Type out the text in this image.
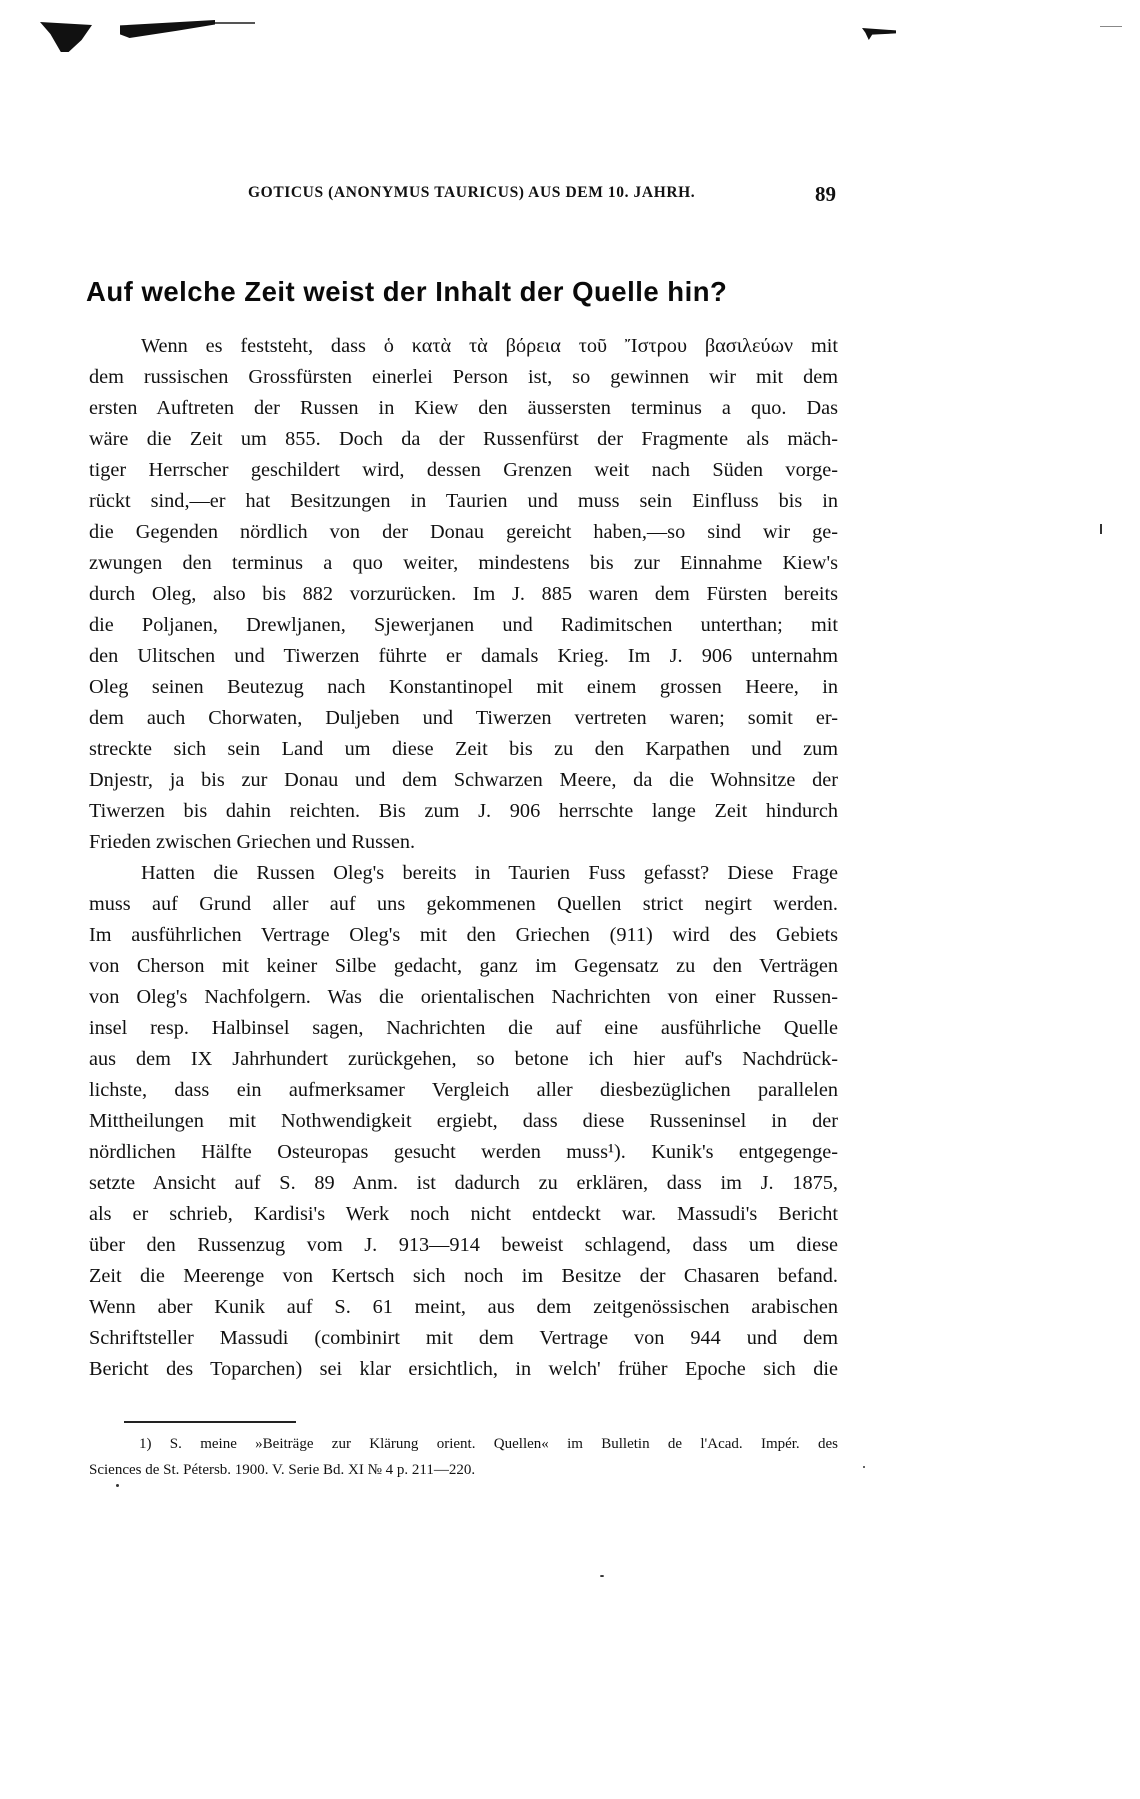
GOTICUS (ANONYMUS TAURICUS) AUS DEM 10. JAHRH.	89
Auf welche Zeit weist der Inhalt der Quelle hin?
Wenn es feststeht, dass ὁ κατὰ τὰ βόρεια τοῦ Ἴστρου βασιλεύων mit
dem russischen Grossfürsten einerlei Person ist, so gewinnen wir mit dem
ersten Auftreten der Russen in Kiew den äussersten terminus a quo. Das
wäre die Zeit um 855. Doch da der Russenfürst der Fragmente als mäch-
tiger Herrscher geschildert wird, dessen Grenzen weit nach Süden vorge-
rückt sind,—er hat Besitzungen in Taurien und muss sein Einfluss bis in
die Gegenden nördlich von der Donau gereicht haben,—so sind wir ge-
zwungen den terminus a quo weiter, mindestens bis zur Einnahme Kiew's
durch Oleg, also bis 882 vorzurücken. Im J. 885 waren dem Fürsten bereits
die Poljanen, Drewljanen, Sjewerjanen und Radimitschen unterthan; mit
den Ulitschen und Tiwerzen führte er damals Krieg. Im J. 906 unternahm
Oleg seinen Beutezug nach Konstantinopel mit einem grossen Heere, in
dem auch Chorwaten, Duljeben und Tiwerzen vertreten waren; somit er-
streckte sich sein Land um diese Zeit bis zu den Karpathen und zum
Dnjestr, ja bis zur Donau und dem Schwarzen Meere, da die Wohnsitze der
Tiwerzen bis dahin reichten. Bis zum J. 906 herrschte lange Zeit hindurch
Frieden zwischen Griechen und Russen.
Hatten die Russen Oleg's bereits in Taurien Fuss gefasst? Diese Frage
muss auf Grund aller auf uns gekommenen Quellen strict negirt werden.
Im ausführlichen Vertrage Oleg's mit den Griechen (911) wird des Gebiets
von Cherson mit keiner Silbe gedacht, ganz im Gegensatz zu den Verträgen
von Oleg's Nachfolgern. Was die orientalischen Nachrichten von einer Russen-
insel resp. Halbinsel sagen, Nachrichten die auf eine ausführliche Quelle
aus dem IX Jahrhundert zurückgehen, so betone ich hier auf's Nachdrück-
lichste, dass ein aufmerksamer Vergleich aller diesbezüglichen parallelen
Mittheilungen mit Nothwendigkeit ergiebt, dass diese Russeninsel in der
nördlichen Hälfte Osteuropas gesucht werden muss¹). Kunik's entgegenge-
setzte Ansicht auf S. 89 Anm. ist dadurch zu erklären, dass im J. 1875,
als er schrieb, Kardisi's Werk noch nicht entdeckt war. Massudi's Bericht
über den Russenzug vom J. 913—914 beweist schlagend, dass um diese
Zeit die Meerenge von Kertsch sich noch im Besitze der Chasaren befand.
Wenn aber Kunik auf S. 61 meint, aus dem zeitgenössischen arabischen
Schriftsteller Massudi (combinirt mit dem Vertrage von 944 und dem
Bericht des Toparchen) sei klar ersichtlich, in welch' früher Epoche sich die
1) S. meine »Beiträge zur Klärung orient. Quellen« im Bulletin de l'Acad. Impér. des
Sciences de St. Pétersb. 1900. V. Serie Bd. XI № 4 p. 211—220.
